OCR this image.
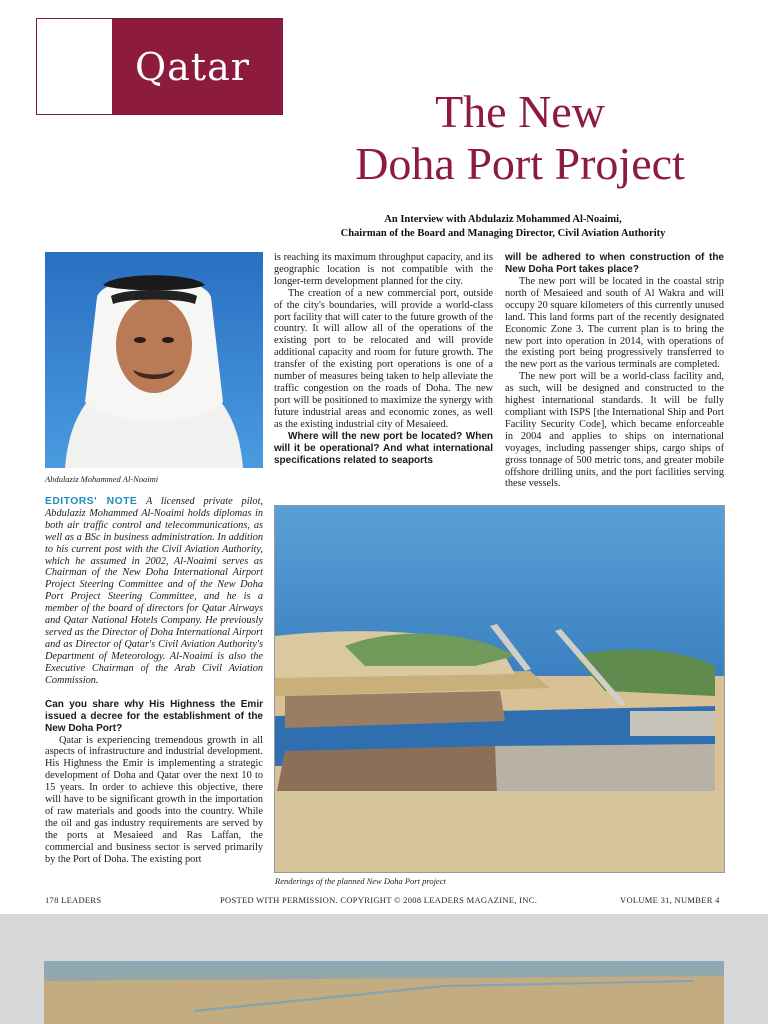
Qatar
The New
Doha Port Project
An Interview with Abdulaziz Mohammed Al-Noaimi,
Chairman of the Board and Managing Director, Civil Aviation Authority
Abdulaziz Mohammed Al-Noaimi

EDITORS' NOTE A licensed private pilot, Abdulaziz Mohammed Al-Noaimi holds diplomas in both air traffic control and telecommunications, as well as a BSc in business administration. In addition to his current post with the Civil Aviation Authority, which he assumed in 2002, Al-Noaimi serves as Chairman of the New Doha International Airport Project Steering Committee and of the New Doha Port Project Steering Committee, and he is a member of the board of directors for Qatar Airways and Qatar National Hotels Company. He previously served as the Director of Doha International Airport and as Director of Qatar's Civil Aviation Authority's Department of Meteorology. Al-Noaimi is also the Executive Chairman of the Arab Civil Aviation Commission.

Can you share why His Highness the Emir issued a decree for the establishment of the New Doha Port?

Qatar is experiencing tremendous growth in all aspects of infrastructure and industrial development. His Highness the Emir is implementing a strategic development of Doha and Qatar over the next 10 to 15 years. In order to achieve this objective, there will have to be significant growth in the importation of raw materials and goods into the country. While the oil and gas industry requirements are served by the ports at Mesaieed and Ras Laffan, the commercial and business sector is served primarily by the Port of Doha. The existing port

is reaching its maximum throughput capacity, and its geographic location is not compatible with the longer-term development planned for the city.

The creation of a new commercial port, outside of the city's boundaries, will provide a world-class port facility that will cater to the future growth of the country. It will allow all of the operations of the existing port to be relocated and will provide additional capacity and room for future growth. The transfer of the existing port operations is one of a number of measures being taken to help alleviate the traffic congestion on the roads of Doha. The new port will be positioned to maximize the synergy with future industrial areas and economic zones, as well as the existing industrial city of Mesaieed.

Where will the new port be located? When will it be operational? And what international specifications related to seaports

will be adhered to when construction of the New Doha Port takes place?

The new port will be located in the coastal strip north of Mesaieed and south of Al Wakra and will occupy 20 square kilometers of this currently unused land. This land forms part of the recently designated Economic Zone 3. The current plan is to bring the new port into operation in 2014, with operations of the existing port being progressively transferred to the new port as the various terminals are completed.

The new port will be a world-class facility and, as such, will be designed and constructed to the highest international standards. It will be fully compliant with ISPS [the International Ship and Port Facility Security Code], which became enforceable in 2004 and applies to ships on international voyages, including passenger ships, cargo ships of gross tonnage of 500 metric tons, and greater mobile offshore drilling units, and the port facilities serving these vessels.

Renderings of the planned New Doha Port project
178 LEADERS	POSTED WITH PERMISSION. COPYRIGHT © 2008 LEADERS MAGAZINE, INC.	VOLUME 31, NUMBER 4
